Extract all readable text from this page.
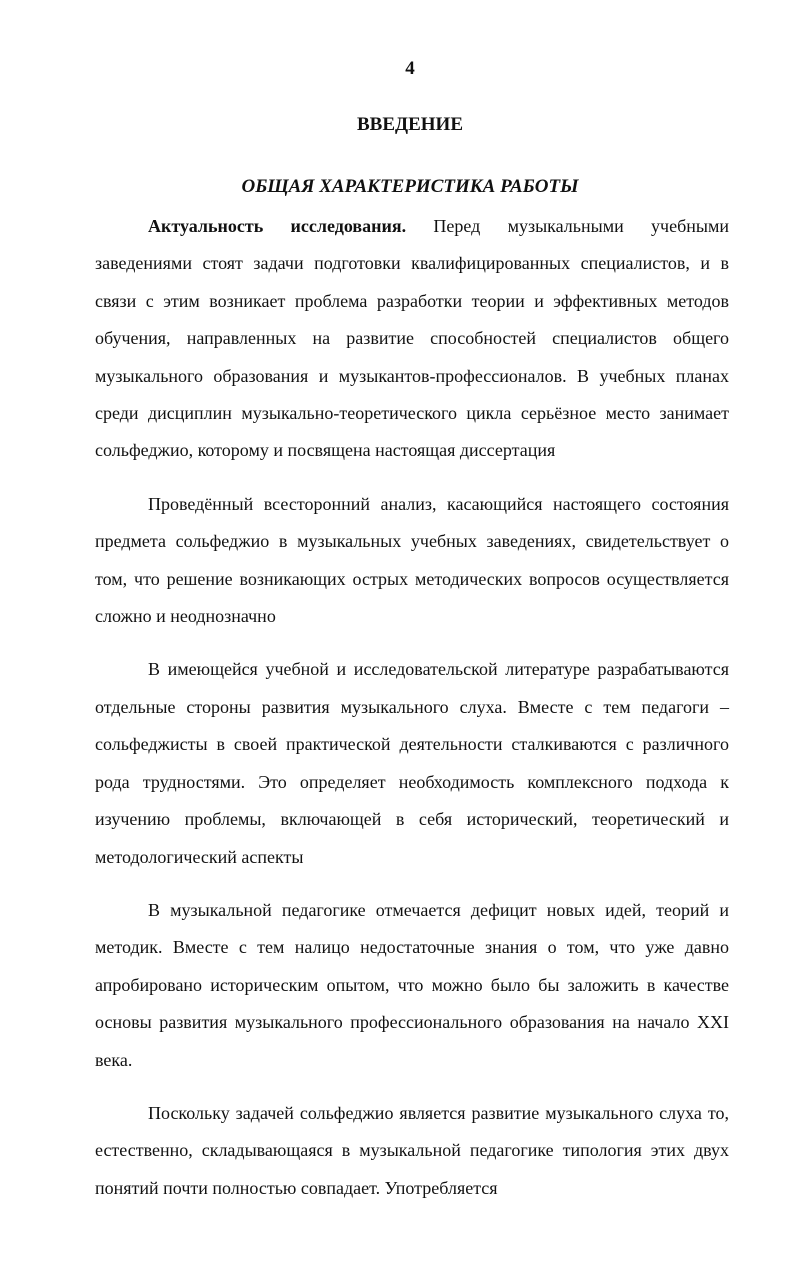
4

ВВЕДЕНИЕ
ОБЩАЯ ХАРАКТЕРИСТИКА РАБОТЫ

Актуальность исследования. Перед музыкальными учебными заведениями стоят задачи подготовки квалифицированных специалистов, и в связи с этим возникает проблема разработки теории и эффективных методов обучения, направленных на развитие способностей специалистов общего музыкального образования и музыкантов-профессионалов. В учебных планах среди дисциплин музыкально-теоретического цикла серьёзное место занимает сольфеджио, которому и посвящена настоящая диссертация

Проведённый всесторонний анализ, касающийся настоящего состояния предмета сольфеджио в музыкальных учебных заведениях, свидетельствует о том, что решение возникающих острых методических вопросов осуществляется сложно и неоднозначно

В имеющейся учебной и исследовательской литературе разрабатываются отдельные стороны развития музыкального слуха. Вместе с тем педагоги – сольфеджисты в своей практической деятельности сталкиваются с различного рода трудностями. Это определяет необходимость комплексного подхода к изучению проблемы, включающей в себя исторический, теоретический и методологический аспекты

В музыкальной педагогике отмечается дефицит новых идей, теорий и методик. Вместе с тем налицо недостаточные знания о том, что уже давно апробировано историческим опытом, что можно было бы заложить в качестве основы развития музыкального профессионального образования на начало XXI века.

Поскольку задачей сольфеджио является развитие музыкального слуха то, естественно, складывающаяся в музыкальной педагогике типология этих двух понятий почти полностью совпадает. Употребляется
